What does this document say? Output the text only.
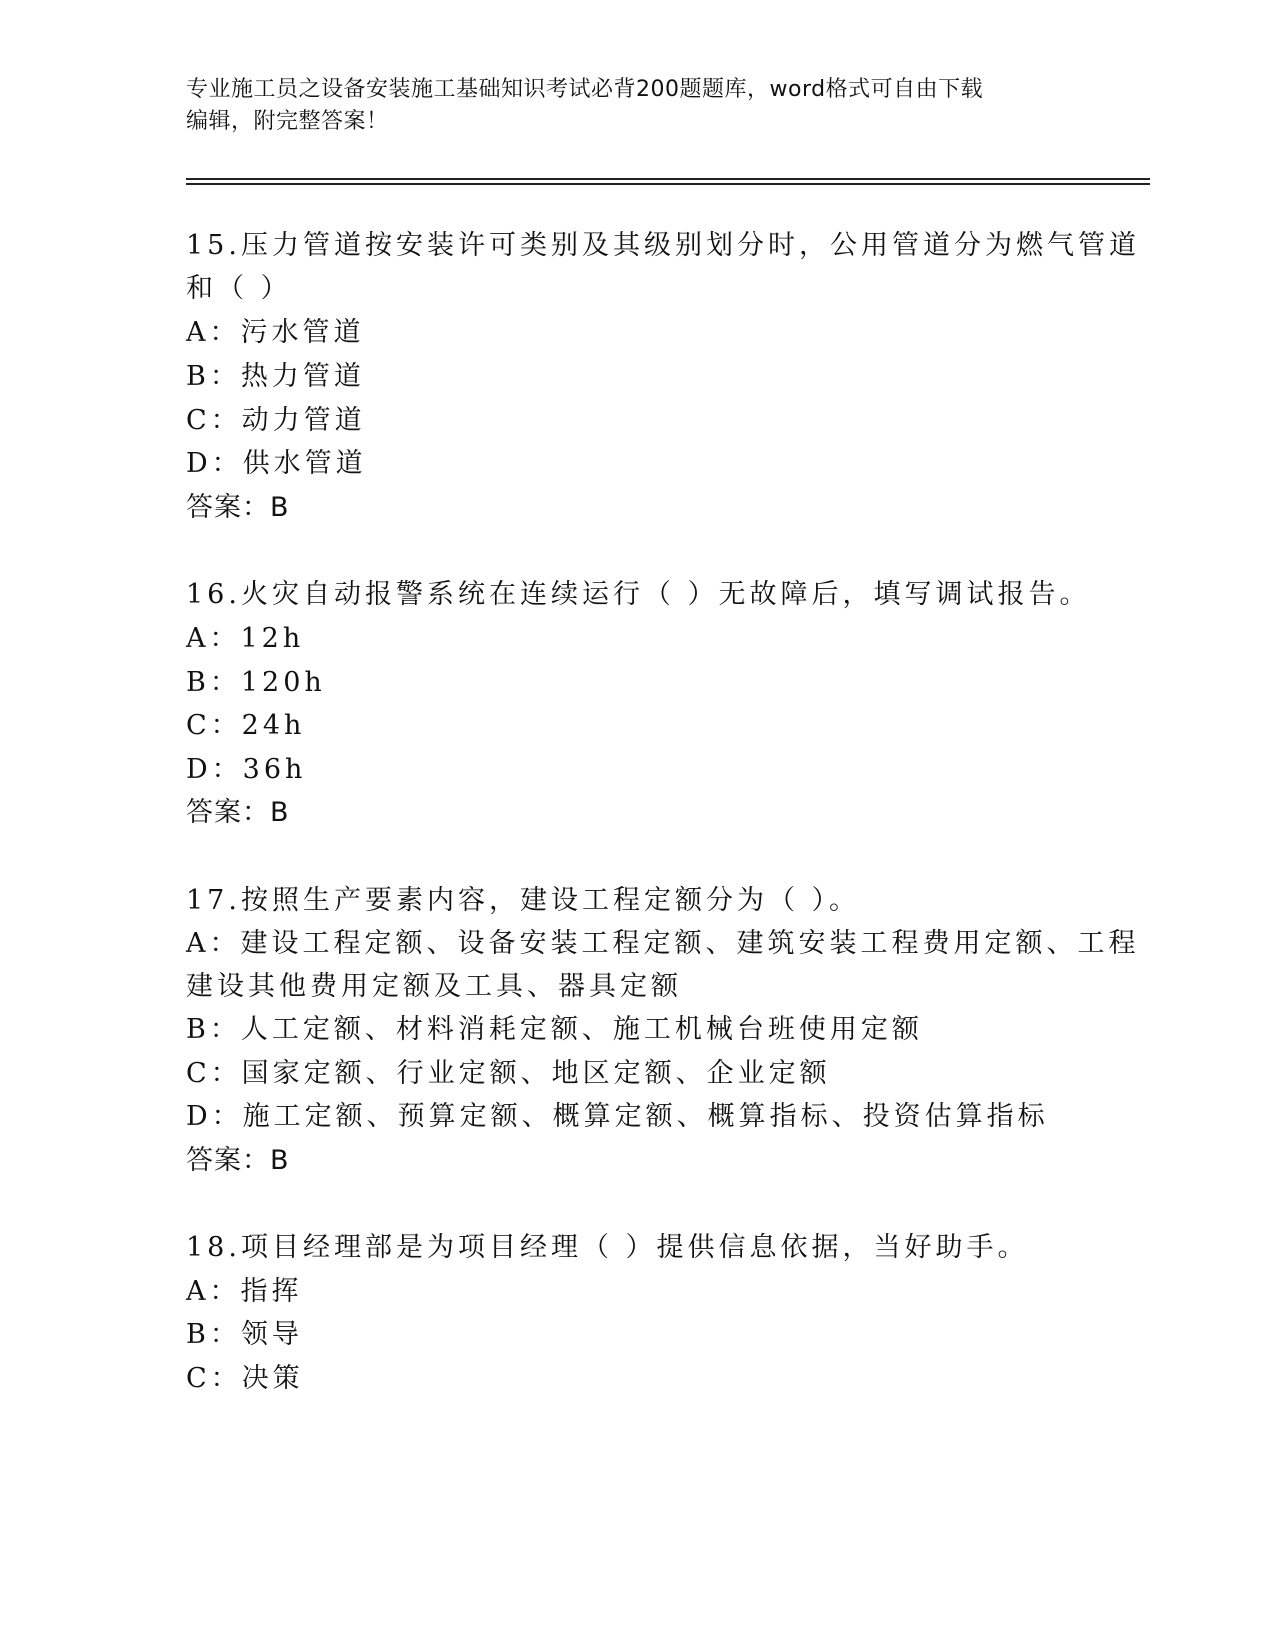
专业施工员之设备安装施工基础知识考试必背200题题库，word格式可自由下载
编辑，附完整答案！
15.压力管道按安装许可类别及其级别划分时，公用管道分为燃气管道
和（ ）
A：污水管道
B：热力管道
C：动力管道
D：供水管道
答案：B
16.火灾自动报警系统在连续运行（ ）无故障后，填写调试报告。
A：12h
B：120h
C：24h
D：36h
答案：B
17.按照生产要素内容，建设工程定额分为（ ）。
A：建设工程定额、设备安装工程定额、建筑安装工程费用定额、工程
建设其他费用定额及工具、器具定额
B：人工定额、材料消耗定额、施工机械台班使用定额
C：国家定额、行业定额、地区定额、企业定额
D：施工定额、预算定额、概算定额、概算指标、投资估算指标
答案：B
18.项目经理部是为项目经理（ ）提供信息依据，当好助手。
A：指挥
B：领导
C：决策
